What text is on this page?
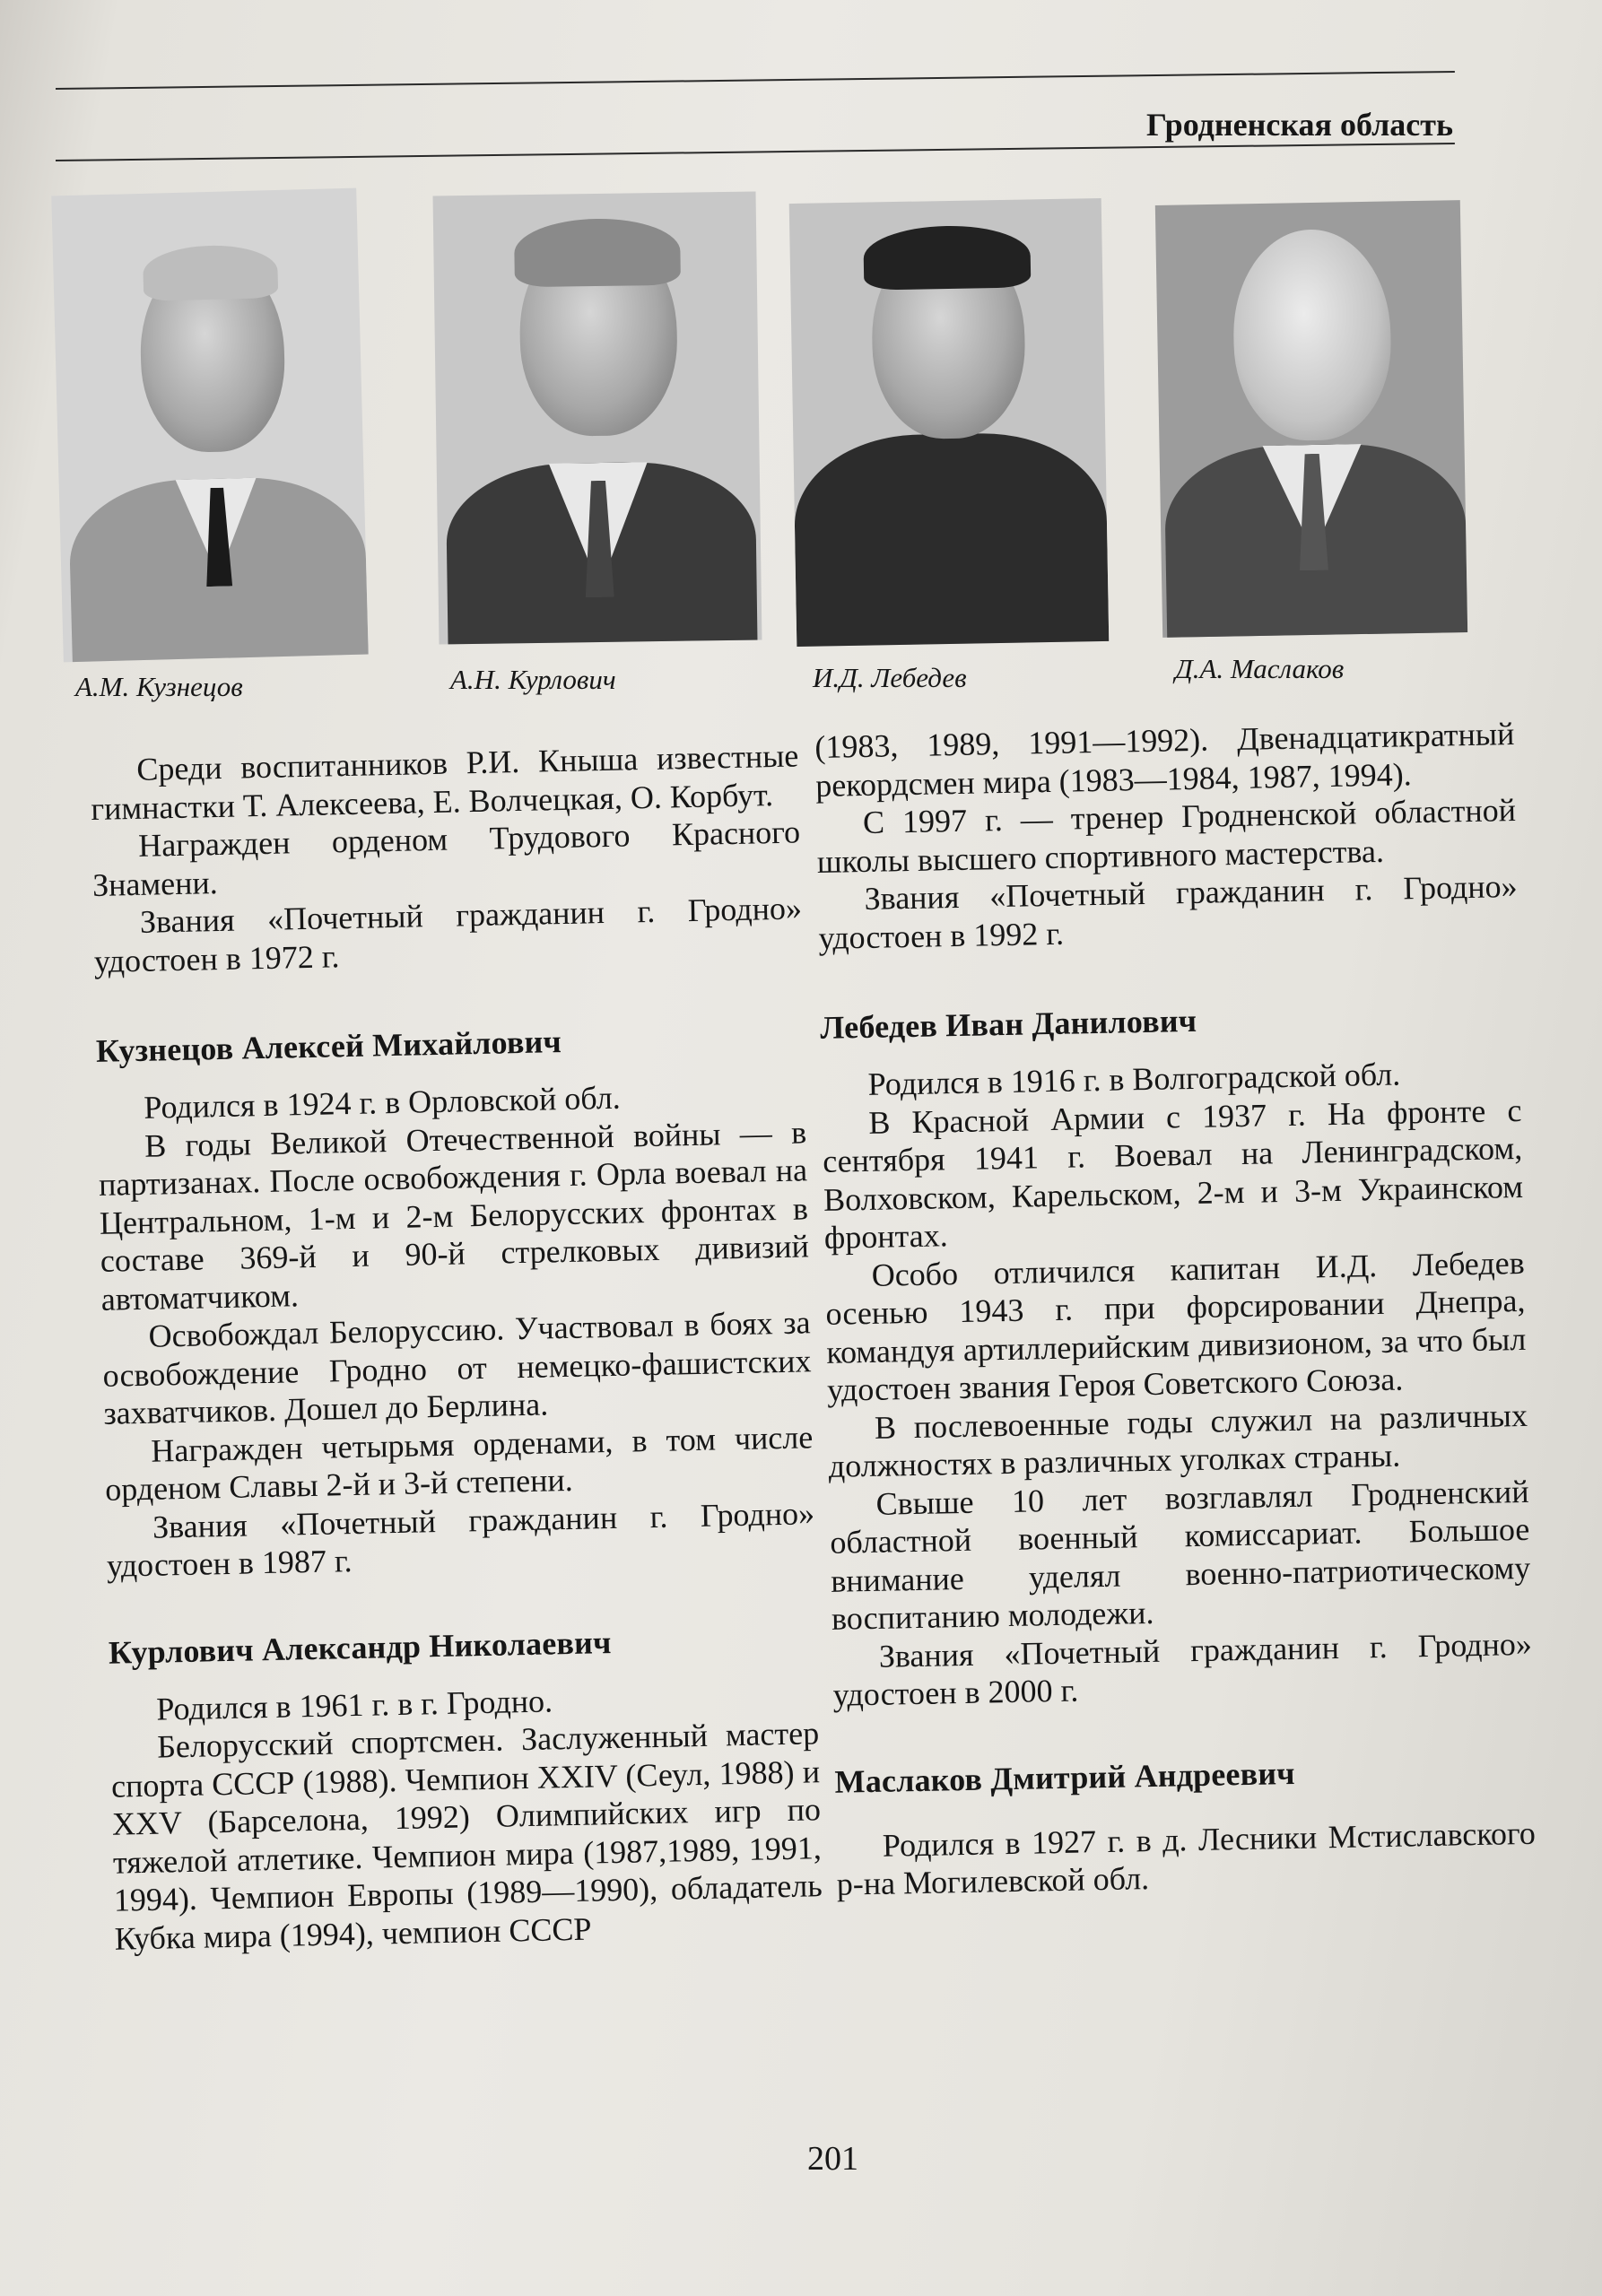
Гродненская область
А.М. Кузнецов	А.Н. Курлович	И.Д. Лебедев	Д.А. Маслаков

Среди воспитанников Р.И. Кныша известные гимнастки Т. Алексеева, Е. Волчецкая, О. Корбут.

Награжден орденом Трудового Красного Знамени.

Звания «Почетный гражданин г. Гродно» удостоен в 1972 г.

Кузнецов Алексей Михайлович

Родился в 1924 г. в Орловской обл.

В годы Великой Отечественной войны — в партизанах. После освобождения г. Орла воевал на Центральном, 1-м и 2-м Белорусских фронтах в составе 369-й и 90-й стрелковых дивизий автоматчиком.

Освобождал Белоруссию. Участвовал в боях за освобождение Гродно от немецко-фашистских захватчиков. Дошел до Берлина.

Награжден четырьмя орденами, в том числе орденом Славы 2-й и 3-й степени.

Звания «Почетный гражданин г. Гродно» удостоен в 1987 г.

Курлович Александр Николаевич

Родился в 1961 г. в г. Гродно.

Белорусский спортсмен. Заслуженный мастер спорта СССР (1988). Чемпион XXIV (Сеул, 1988) и XXV (Барселона, 1992) Олимпийских игр по тяжелой атлетике. Чемпион мира (1987,1989, 1991, 1994). Чемпион Европы (1989—1990), обладатель Кубка мира (1994), чемпион СССР

(1983, 1989, 1991—1992). Двенадцатикратный рекордсмен мира (1983—1984, 1987, 1994).

С 1997 г. — тренер Гродненской областной школы высшего спортивного мастерства.

Звания «Почетный гражданин г. Гродно» удостоен в 1992 г.

Лебедев Иван Данилович

Родился в 1916 г. в Волгоградской обл.

В Красной Армии с 1937 г. На фронте с сентября 1941 г. Воевал на Ленинградском, Волховском, Карельском, 2-м и 3-м Украинском фронтах.

Особо отличился капитан И.Д. Лебедев осенью 1943 г. при форсировании Днепра, командуя артиллерийским дивизионом, за что был удостоен звания Героя Советского Союза.

В послевоенные годы служил на различных должностях в различных уголках страны.

Свыше 10 лет возглавлял Гродненский областной военный комиссариат. Большое внимание уделял военно-патриотическому воспитанию молодежи.

Звания «Почетный гражданин г. Гродно» удостоен в 2000 г.

Маслаков Дмитрий Андреевич

Родился в 1927 г. в д. Лесники Мстиславского р-на Могилевской обл.

201
